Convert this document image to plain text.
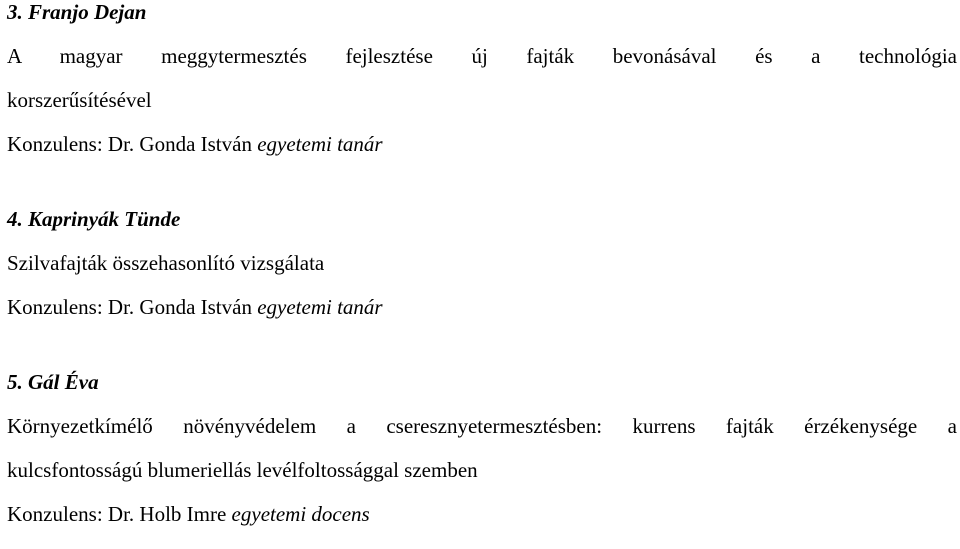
3. Franjo Dejan
A magyar meggytermesztés fejlesztése új fajták bevonásával és a technológia
korszerűsítésével
Konzulens: Dr. Gonda István egyetemi tanár
4. Kaprinyák Tünde
Szilvafajták összehasonlító vizsgálata
Konzulens: Dr. Gonda István egyetemi tanár
5. Gál Éva
Környezetkímélő növényvédelem a cseresznyetermesztésben: kurrens fajták érzékenysége a
kulcsfontosságú blumeriellás levélfoltossággal szemben
Konzulens: Dr. Holb Imre egyetemi docens
